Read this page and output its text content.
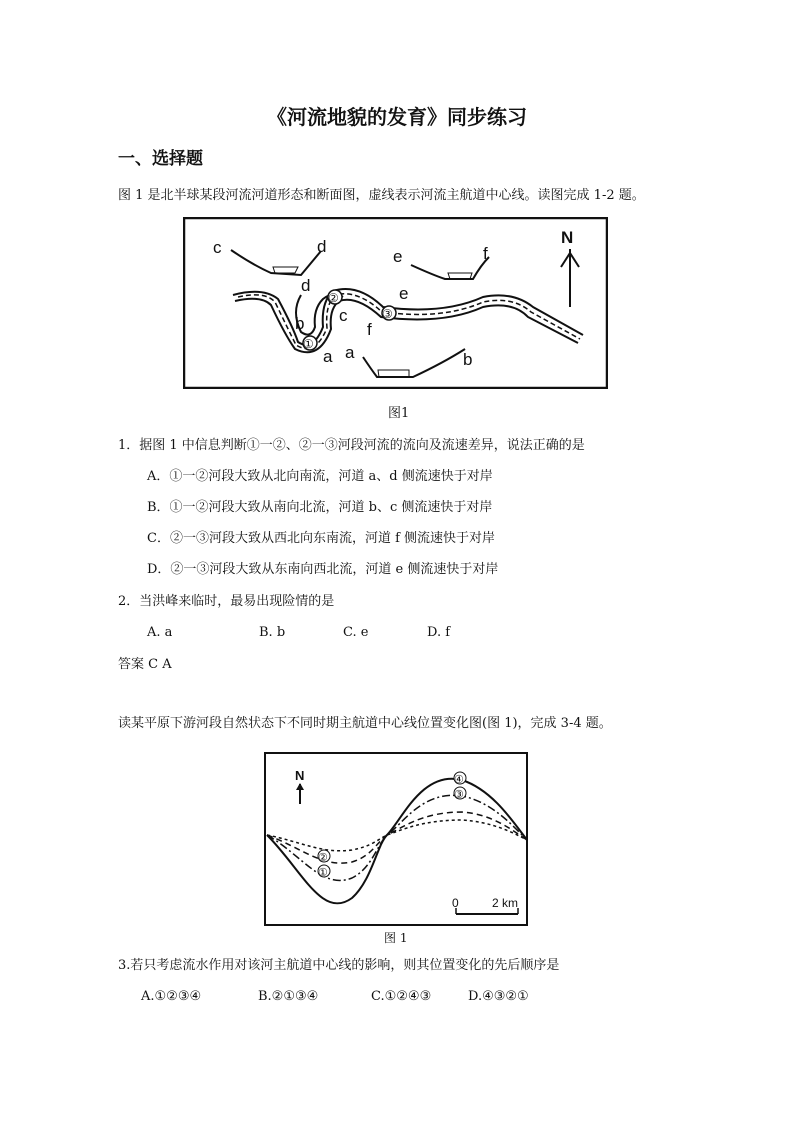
《河流地貌的发育》同步练习
一、选择题
图 1 是北半球某段河流河道形态和断面图，虚线表示河流主航道中心线。读图完成 1-2 题。
c	d
e	f
N
①
②
③
d	e
b c
f
a a	b
图1
1．据图 1 中信息判断①一②、②一③河段河流的流向及流速差异，说法正确的是
A．①一②河段大致从北向南流，河道 a、d 侧流速快于对岸
B．①一②河段大致从南向北流，河道 b、c 侧流速快于对岸
C．②一③河段大致从西北向东南流，河道 f 侧流速快于对岸
D．②一③河段大致从东南向西北流，河道 e 侧流速快于对岸
2．当洪峰来临时，最易出现险情的是
A. a	B. b	C. e	D. f
答案 C A
读某平原下游河段自然状态下不同时期主航道中心线位置变化图(图 1)，完成 3-4 题。
N	④
③
②
①
0	2 km
图 1
3.若只考虑流水作用对该河主航道中心线的影响，则其位置变化的先后顺序是
A.①②③④	B.②①③④	C.①②④③	D.④③②①
